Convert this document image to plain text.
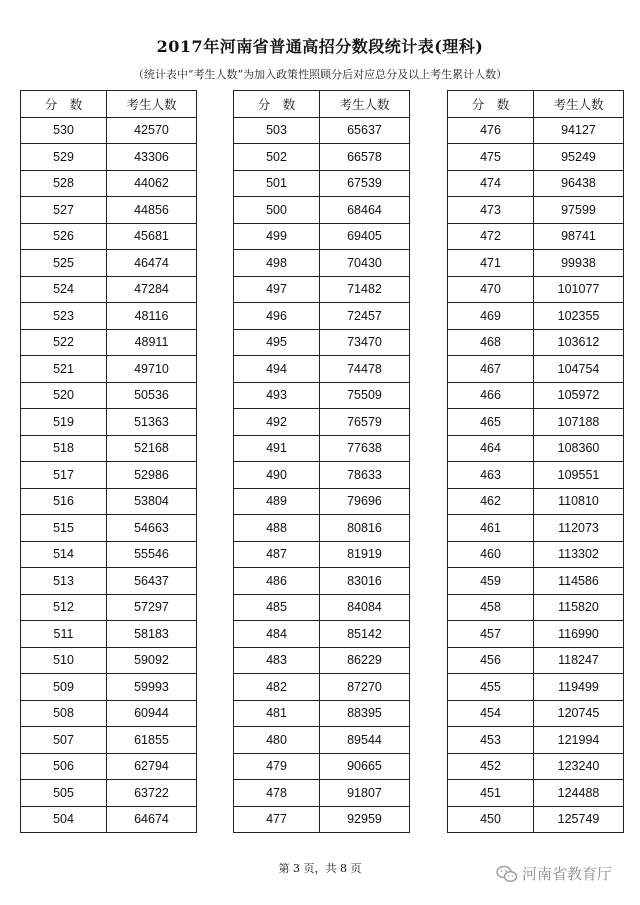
2017年河南省普通高招分数段统计表(理科)
（统计表中“考生人数”为加入政策性照顾分后对应总分及以上考生累计人数）
分　数	考生人数
530	42570
529	43306
528	44062
527	44856
526	45681
525	46474
524	47284
523	48116
522	48911
521	49710
520	50536
519	51363
518	52168
517	52986
516	53804
515	54663
514	55546
513	56437
512	57297
511	58183
510	59092
509	59993
508	60944
507	61855
506	62794
505	63722
504	64674
分　数	考生人数
503	65637
502	66578
501	67539
500	68464
499	69405
498	70430
497	71482
496	72457
495	73470
494	74478
493	75509
492	76579
491	77638
490	78633
489	79696
488	80816
487	81919
486	83016
485	84084
484	85142
483	86229
482	87270
481	88395
480	89544
479	90665
478	91807
477	92959
分　数	考生人数
476	94127
475	95249
474	96438
473	97599
472	98741
471	99938
470	101077
469	102355
468	103612
467	104754
466	105972
465	107188
464	108360
463	109551
462	110810
461	112073
460	113302
459	114586
458	115820
457	116990
456	118247
455	119499
454	120745
453	121994
452	123240
451	124488
450	125749
第 3 页，共 8 页	河南省教育厅
